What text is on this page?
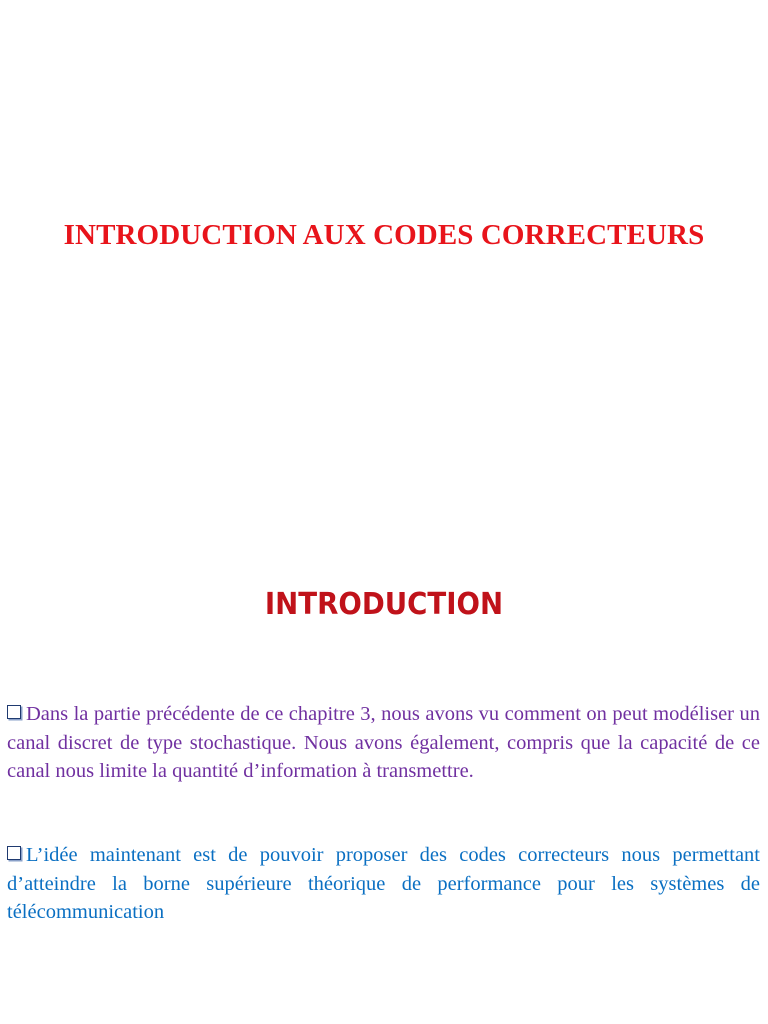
INTRODUCTION AUX CODES CORRECTEURS
INTRODUCTION

Dans la partie précédente de ce chapitre 3, nous avons vu comment on peut modéliser un canal discret de type stochastique. Nous avons également, compris que la capacité de ce canal nous limite la quantité d’information à transmettre.

L’idée maintenant est de pouvoir proposer des codes correcteurs nous permettant d’atteindre la borne supérieure théorique de performance pour les systèmes de télécommunication
